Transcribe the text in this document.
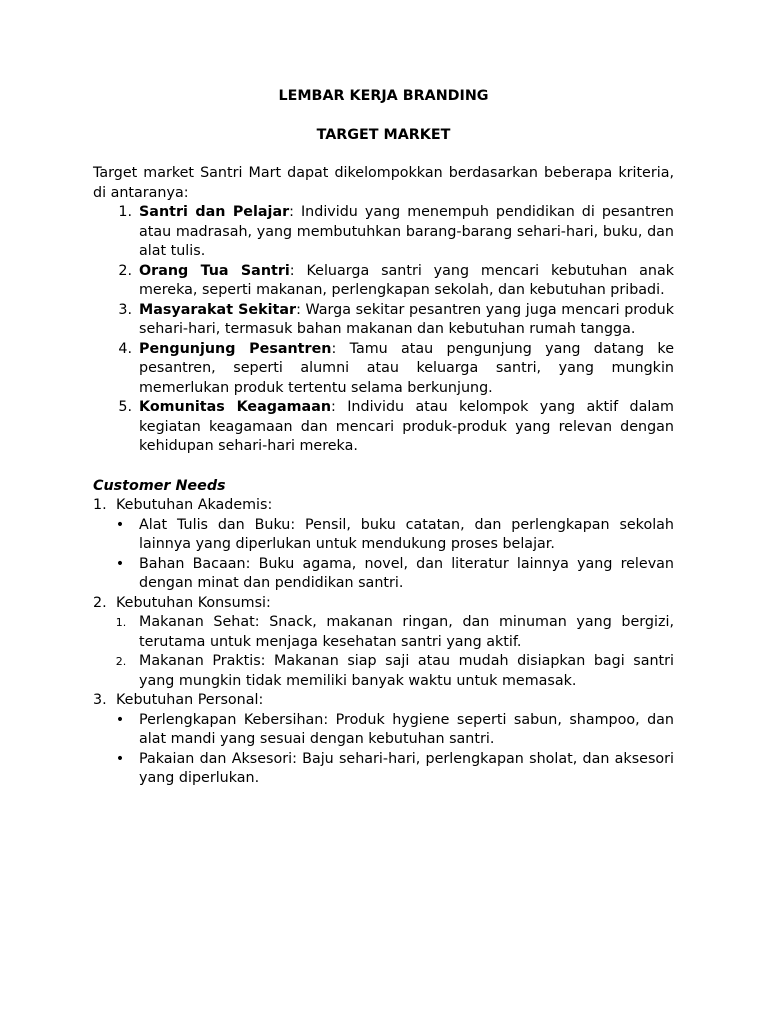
LEMBAR KERJA BRANDING
TARGET MARKET
Target market Santri Mart dapat dikelompokkan berdasarkan beberapa kriteria, di antaranya:
1. Santri dan Pelajar: Individu yang menempuh pendidikan di pesantren atau madrasah, yang membutuhkan barang-barang sehari-hari, buku, dan alat tulis.
2. Orang Tua Santri: Keluarga santri yang mencari kebutuhan anak mereka, seperti makanan, perlengkapan sekolah, dan kebutuhan pribadi.
3. Masyarakat Sekitar: Warga sekitar pesantren yang juga mencari produk sehari-hari, termasuk bahan makanan dan kebutuhan rumah tangga.
4. Pengunjung Pesantren: Tamu atau pengunjung yang datang ke pesantren, seperti alumni atau keluarga santri, yang mungkin memerlukan produk tertentu selama berkunjung.
5. Komunitas Keagamaan: Individu atau kelompok yang aktif dalam kegiatan keagamaan dan mencari produk-produk yang relevan dengan kehidupan sehari-hari mereka.
Customer Needs
1. Kebutuhan Akademis:
•	Alat Tulis dan Buku: Pensil, buku catatan, dan perlengkapan sekolah lainnya yang diperlukan untuk mendukung proses belajar.
•	Bahan Bacaan: Buku agama, novel, dan literatur lainnya yang relevan dengan minat dan pendidikan santri.
2. Kebutuhan Konsumsi:
1. Makanan Sehat: Snack, makanan ringan, dan minuman yang bergizi, terutama untuk menjaga kesehatan santri yang aktif.
2. Makanan Praktis: Makanan siap saji atau mudah disiapkan bagi santri yang mungkin tidak memiliki banyak waktu untuk memasak.
3. Kebutuhan Personal:
•	Perlengkapan Kebersihan: Produk hygiene seperti sabun, shampoo, dan alat mandi yang sesuai dengan kebutuhan santri.
•	Pakaian dan Aksesori: Baju sehari-hari, perlengkapan sholat, dan aksesori yang diperlukan.
